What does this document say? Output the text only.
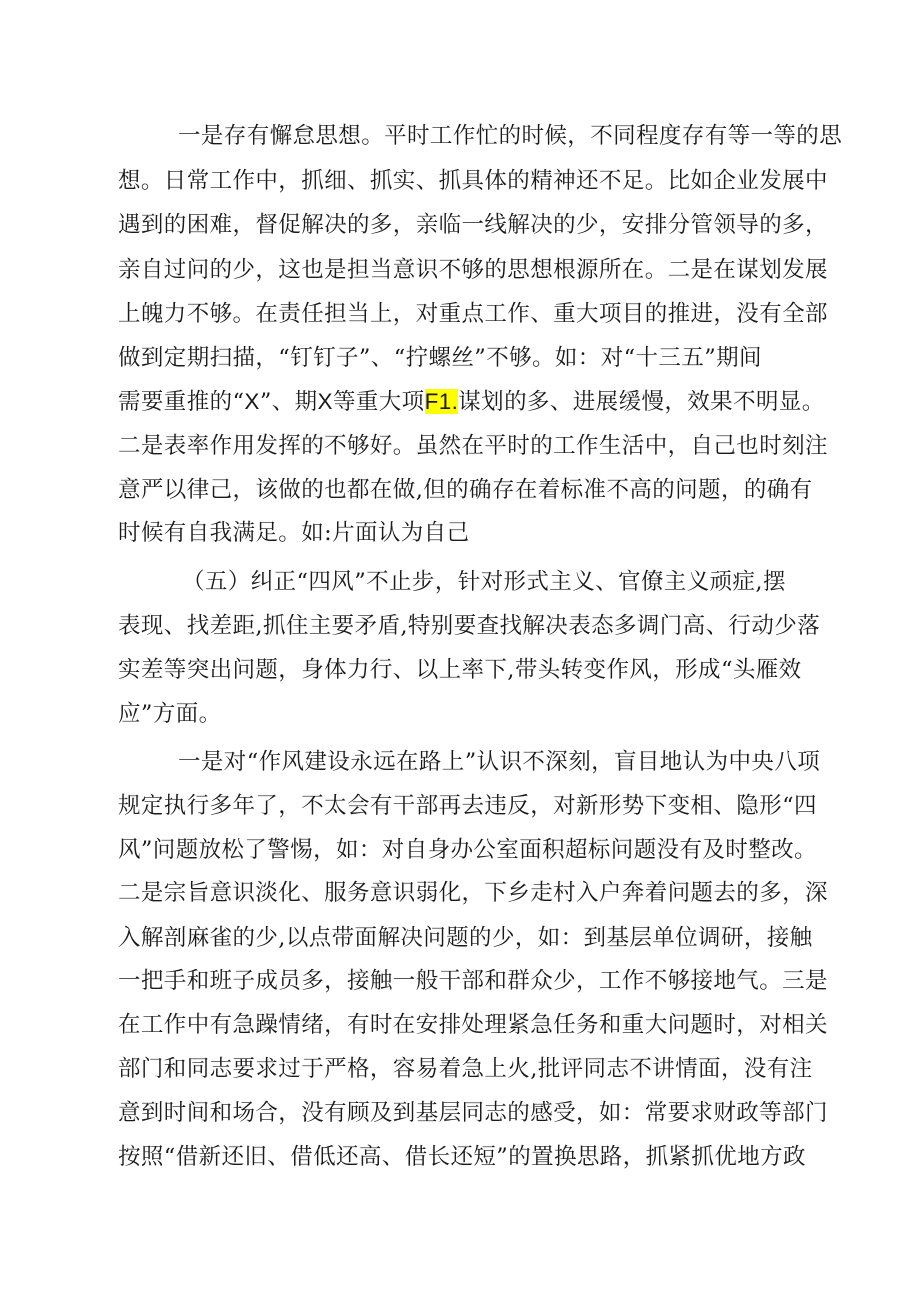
一是存有懈怠思想。平时工作忙的时候，不同程度存有等一等的思
想。日常工作中，抓细、抓实、抓具体的精神还不足。比如企业发展中
遇到的困难，督促解决的多，亲临一线解决的少，安排分管领导的多，
亲自过问的少，这也是担当意识不够的思想根源所在。二是在谋划发展
上魄力不够。在责任担当上，对重点工作、重大项目的推进，没有全部
做到定期扫描，“钉钉子”、“拧螺丝”不够。如：对“十三五”期间
需要重推的“X”、期X等重大项F1.谋划的多、进展缓慢，效果不明显。
二是表率作用发挥的不够好。虽然在平时的工作生活中，自己也时刻注
意严以律己，该做的也都在做,但的确存在着标准不高的问题，的确有
时候有自我满足。如:片面认为自己
（五）纠正“四风”不止步，针对形式主义、官僚主义顽症,摆
表现、找差距,抓住主要矛盾,特别要查找解决表态多调门高、行动少落
实差等突出问题，身体力行、以上率下,带头转变作风，形成“头雁效
应”方面。
一是对“作风建设永远在路上”认识不深刻，盲目地认为中央八项
规定执行多年了，不太会有干部再去违反，对新形势下变相、隐形“四
风”问题放松了警惕，如：对自身办公室面积超标问题没有及时整改。
二是宗旨意识淡化、服务意识弱化，下乡走村入户奔着问题去的多，深
入解剖麻雀的少,以点带面解决问题的少，如：到基层单位调研，接触
一把手和班子成员多，接触一般干部和群众少，工作不够接地气。三是
在工作中有急躁情绪，有时在安排处理紧急任务和重大问题时，对相关
部门和同志要求过于严格，容易着急上火,批评同志不讲情面，没有注
意到时间和场合，没有顾及到基层同志的感受，如：常要求财政等部门
按照“借新还旧、借低还高、借长还短”的置换思路，抓紧抓优地方政
